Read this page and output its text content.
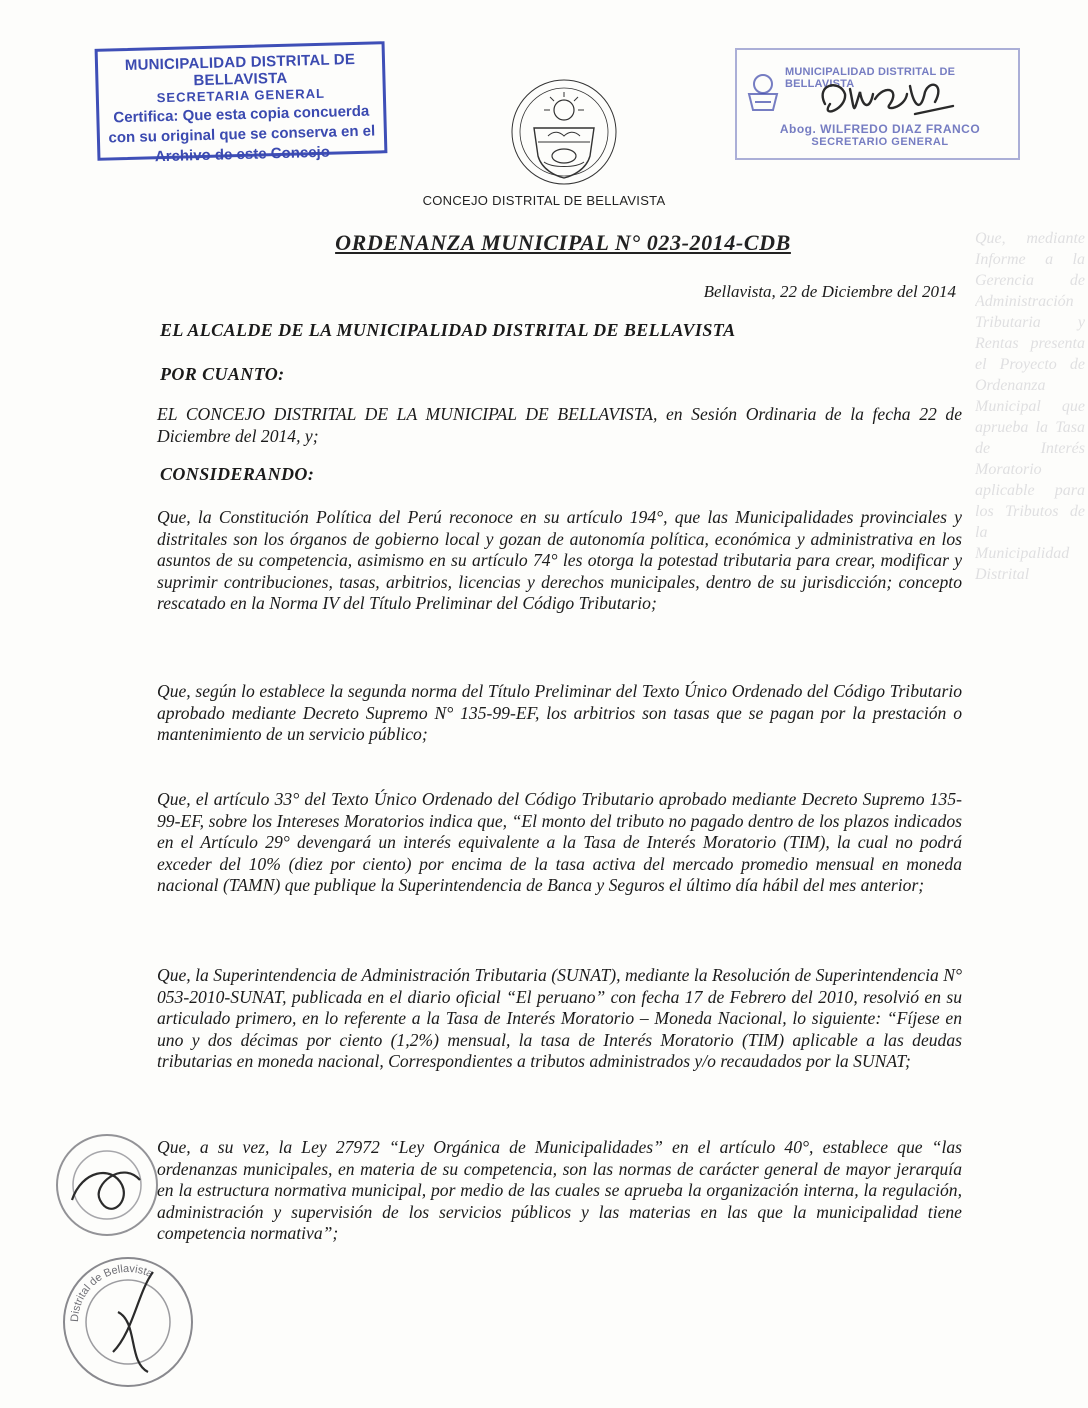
Que, mediante Informe a la Gerencia de Administración Tributaria y Rentas presenta el Proyecto de Ordenanza Municipal que aprueba la Tasa de Interés Moratorio aplicable para los Tributos de la Municipalidad Distrital
MUNICIPALIDAD DISTRITAL DE BELLAVISTA
SECRETARIA GENERAL
Certifica: Que esta copia concuerda
con su original que se conserva en el
Archivo de este Concejo
MUNICIPALIDAD DISTRITAL DE BELLAVISTA
Abog. WILFREDO DIAZ FRANCO
SECRETARIO GENERAL
CONCEJO DISTRITAL DE BELLAVISTA
ORDENANZA MUNICIPAL N° 023-2014-CDB
Bellavista, 22 de Diciembre del 2014
EL ALCALDE DE LA MUNICIPALIDAD DISTRITAL DE BELLAVISTA
POR CUANTO:
EL CONCEJO DISTRITAL DE LA MUNICIPAL DE BELLAVISTA, en Sesión Ordinaria de la fecha 22 de Diciembre del 2014, y;
CONSIDERANDO:
Que, la Constitución Política del Perú reconoce en su artículo 194°, que las Municipalidades provinciales y distritales son los órganos de gobierno local y gozan de autonomía política, económica y administrativa en los asuntos de su competencia, asimismo en su artículo 74° les otorga la potestad tributaria para crear, modificar y suprimir contribuciones, tasas, arbitrios, licencias y derechos municipales, dentro de su jurisdicción; concepto rescatado en la Norma IV del Título Preliminar del Código Tributario;
Que, según lo establece la segunda norma del Título Preliminar del Texto Único Ordenado del Código Tributario aprobado mediante Decreto Supremo N° 135-99-EF, los arbitrios son tasas que se pagan por la prestación o mantenimiento de un servicio público;
Que, el artículo 33° del Texto Único Ordenado del Código Tributario aprobado mediante Decreto Supremo 135-99-EF, sobre los Intereses Moratorios indica que, “El monto del tributo no pagado dentro de los plazos indicados en el Artículo 29° devengará un interés equivalente a la Tasa de Interés Moratorio (TIM), la cual no podrá exceder del 10% (diez por ciento) por encima de la tasa activa del mercado promedio mensual en moneda nacional (TAMN) que publique la Superintendencia de Banca y Seguros el último día hábil del mes anterior;
Que, la Superintendencia de Administración Tributaria (SUNAT), mediante la Resolución de Superintendencia N° 053-2010-SUNAT, publicada en el diario oficial “El peruano” con fecha 17 de Febrero del 2010, resolvió en su articulado primero, en lo referente a la Tasa de Interés Moratorio – Moneda Nacional, lo siguiente: “Fíjese en uno y dos décimas por ciento (1,2%) mensual, la tasa de Interés Moratorio (TIM) aplicable a las deudas tributarias en moneda nacional, Correspondientes a tributos administrados y/o recaudados por la SUNAT;
Que, a su vez, la Ley 27972 “Ley Orgánica de Municipalidades” en el artículo 40°, establece que “las ordenanzas municipales, en materia de su competencia, son las normas de carácter general de mayor jerarquía en la estructura normativa municipal, por medio de las cuales se aprueba la organización interna, la regulación, administración y supervisión de los servicios públicos y las materias en las que la municipalidad tiene competencia normativa”;
Distrital de Bellavista
